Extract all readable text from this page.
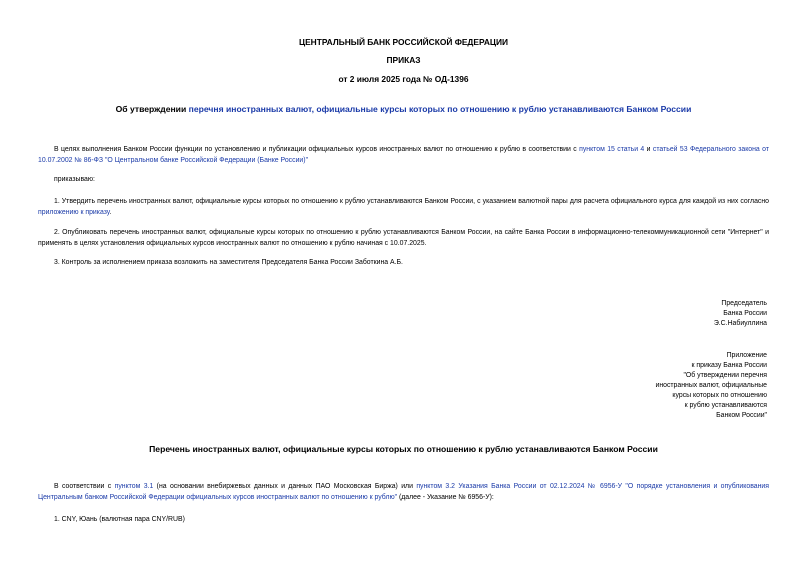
ЦЕНТРАЛЬНЫЙ БАНК РОССИЙСКОЙ ФЕДЕРАЦИИ
ПРИКАЗ
от 2 июля 2025 года № ОД-1396
Об утверждении перечня иностранных валют, официальные курсы которых по отношению к рублю устанавливаются Банком России
В целях выполнения Банком России функции по установлению и публикации официальных курсов иностранных валют по отношению к рублю в соответствии с пунктом 15 статьи 4 и статьей 53 Федерального закона от 10.07.2002 № 86-ФЗ "О Центральном банке Российской Федерации (Банке России)"
приказываю:
1. Утвердить перечень иностранных валют, официальные курсы которых по отношению к рублю устанавливаются Банком России, с указанием валютной пары для расчета официального курса для каждой из них согласно приложению к приказу.
2. Опубликовать перечень иностранных валют, официальные курсы которых по отношению к рублю устанавливаются Банком России, на сайте Банка России в информационно-телекоммуникационной сети "Интернет" и применять в целях установления официальных курсов иностранных валют по отношению к рублю начиная с 10.07.2025.
3. Контроль за исполнением приказа возложить на заместителя Председателя Банка России Заботкина А.Б.
Председатель
Банка России
Э.С.Набиуллина
Приложение
к приказу Банка России
"Об утверждении перечня
иностранных валют, официальные
курсы которых по отношению
к рублю устанавливаются
Банком России"
Перечень иностранных валют, официальные курсы которых по отношению к рублю устанавливаются Банком России
В соответствии с пунктом 3.1 (на основании внебиржевых данных и данных ПАО Московская Биржа) или пунктом 3.2 Указания Банка России от 02.12.2024 № 6956-У "О порядке установления и опубликования Центральным банком Российской Федерации официальных курсов иностранных валют по отношению к рублю" (далее - Указание № 6956-У):
1. CNY, Юань (валютная пара CNY/RUB)
